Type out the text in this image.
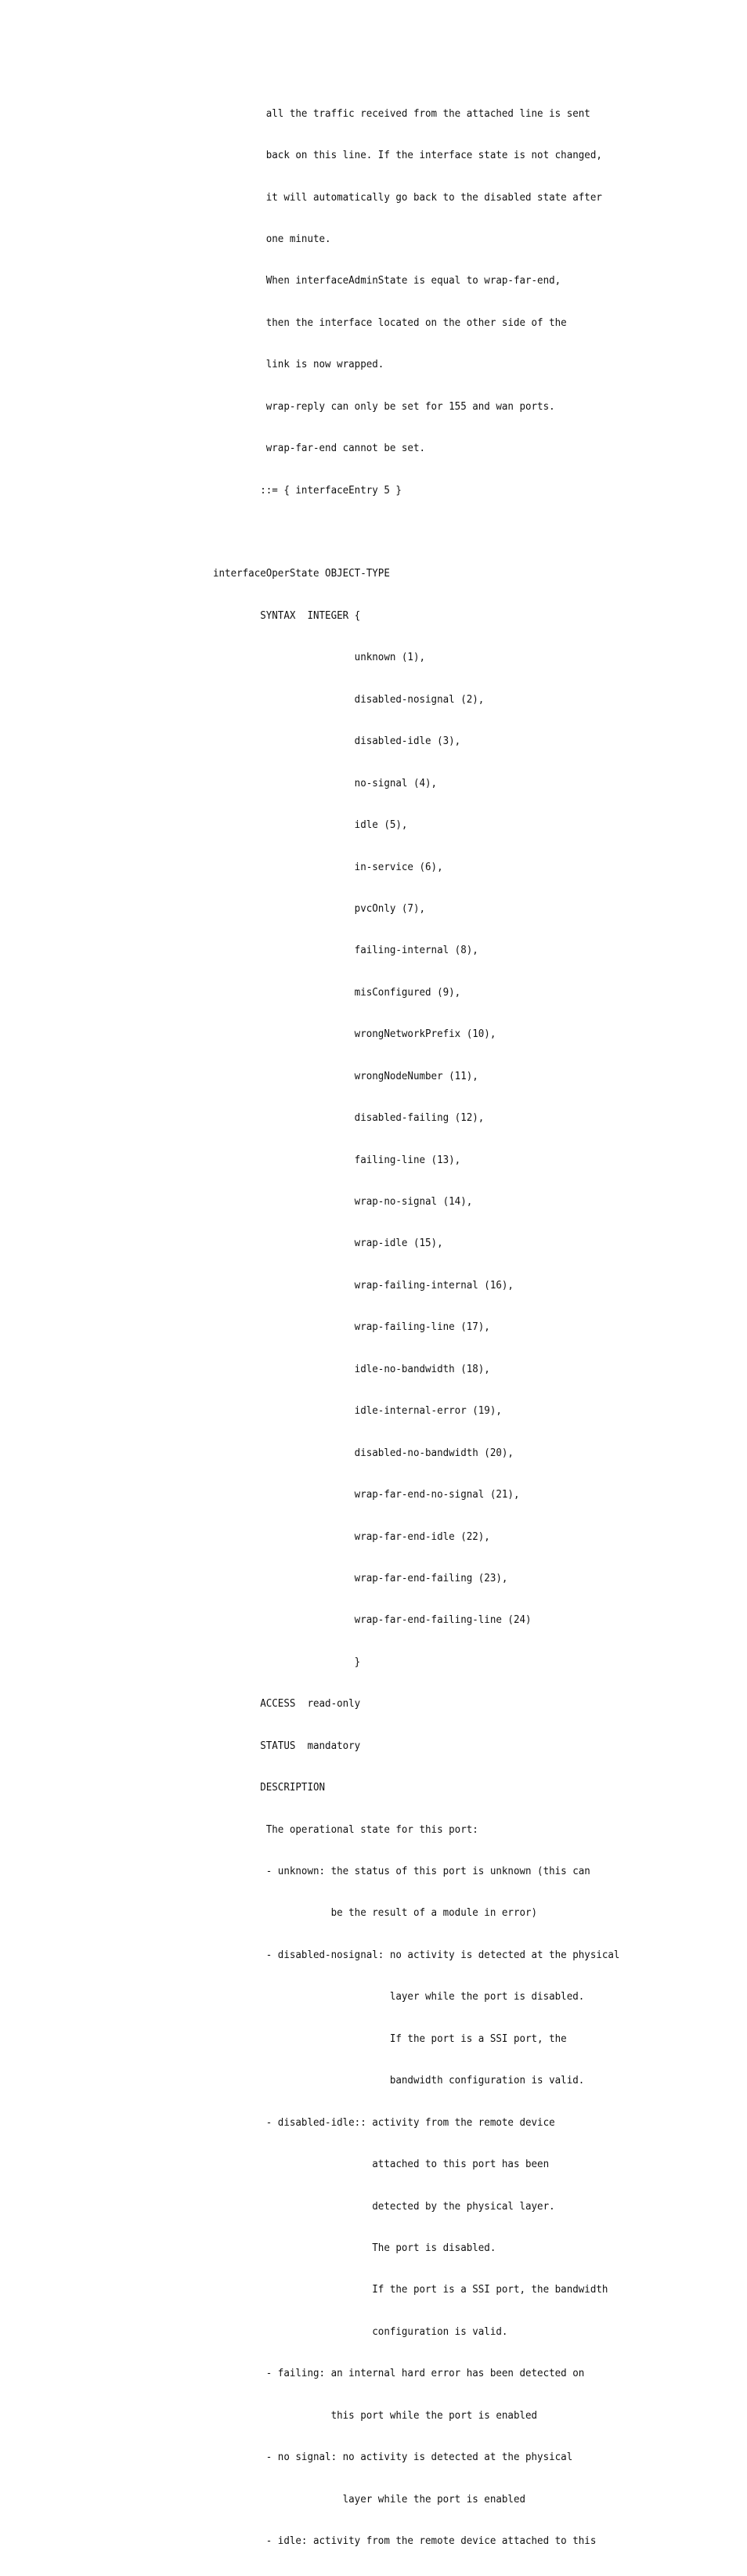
all the traffic received from the attached line is sent

back on this line. If the interface state is not changed,

it will automatically go back to the disabled state after

one minute.

When interfaceAdminState is equal to wrap-far-end,

then the interface located on the other side of the

link is now wrapped.

wrap-reply can only be set for 155 and wan ports.

wrap-far-end cannot be set.

::= { interfaceEntry 5 }

interfaceOperState OBJECT-TYPE

SYNTAX  INTEGER {

unknown (1),

disabled-nosignal (2),

disabled-idle (3),

no-signal (4),

idle (5),

in-service (6),

pvcOnly (7),

failing-internal (8),

misConfigured (9),

wrongNetworkPrefix (10),

wrongNodeNumber (11),

disabled-failing (12),

failing-line (13),

wrap-no-signal (14),

wrap-idle (15),

wrap-failing-internal (16),

wrap-failing-line (17),

idle-no-bandwidth (18),

idle-internal-error (19),

disabled-no-bandwidth (20),

wrap-far-end-no-signal (21),

wrap-far-end-idle (22),

wrap-far-end-failing (23),

wrap-far-end-failing-line (24)

}

ACCESS  read-only

STATUS  mandatory

DESCRIPTION

The operational state for this port:

- unknown: the status of this port is unknown (this can

be the result of a module in error)

- disabled-nosignal: no activity is detected at the physical

layer while the port is disabled.

If the port is a SSI port, the

bandwidth configuration is valid.

- disabled-idle:: activity from the remote device

attached to this port has been

detected by the physical layer.

The port is disabled.

If the port is a SSI port, the bandwidth

configuration is valid.

- failing: an internal hard error has been detected on

this port while the port is enabled

- no signal: no activity is detected at the physical

layer while the port is enabled

- idle: activity from the remote device attached to this
